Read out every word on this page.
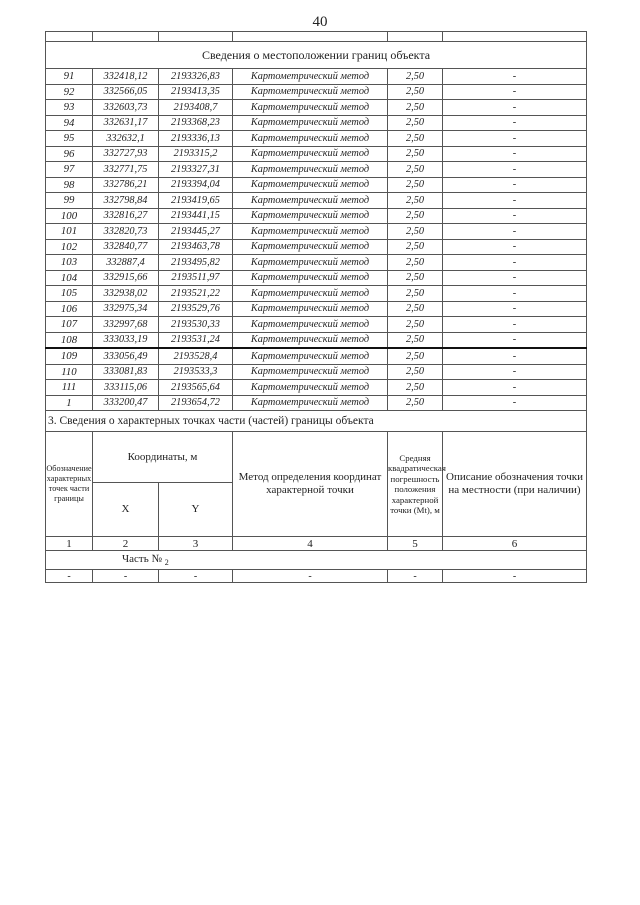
40

Сведения о местоположении границ объекта					
91	332418,12	2193326,83	Картометрический метод	2,50	-
92	332566,05	2193413,35	Картометрический метод	2,50	-
93	332603,73	2193408,7	Картометрический метод	2,50	-
94	332631,17	2193368,23	Картометрический метод	2,50	-
95	332632,1	2193336,13	Картометрический метод	2,50	-
96	332727,93	2193315,2	Картометрический метод	2,50	-
97	332771,75	2193327,31	Картометрический метод	2,50	-
98	332786,21	2193394,04	Картометрический метод	2,50	-
99	332798,84	2193419,65	Картометрический метод	2,50	-
100	332816,27	2193441,15	Картометрический метод	2,50	-
101	332820,73	2193445,27	Картометрический метод	2,50	-
102	332840,77	2193463,78	Картометрический метод	2,50	-
103	332887,4	2193495,82	Картометрический метод	2,50	-
104	332915,66	2193511,97	Картометрический метод	2,50	-
105	332938,02	2193521,22	Картометрический метод	2,50	-
106	332975,34	2193529,76	Картометрический метод	2,50	-
107	332997,68	2193530,33	Картометрический метод	2,50	-
108	333033,19	2193531,24	Картометрический метод	2,50	-
109	333056,49	2193528,4	Картометрический метод	2,50	-
110	333081,83	2193533,3	Картометрический метод	2,50	-
111	333115,06	2193565,64	Картометрический метод	2,50	-
1	333200,47	2193654,72	Картометрический метод	2,50	-
3. Сведения о характерных точках части (частей) границы объекта					
Обозначение характерных точек части границы	Координаты, м		Метод определения координат характерной точки	Средняя квадратическая погрешность положения характерной точки (Mt), м	Описание обозначения точки на местности (при наличии)
	X	Y			
1	2	3	4	5	6
Часть № $_2$
-	-	-	-	-	-
